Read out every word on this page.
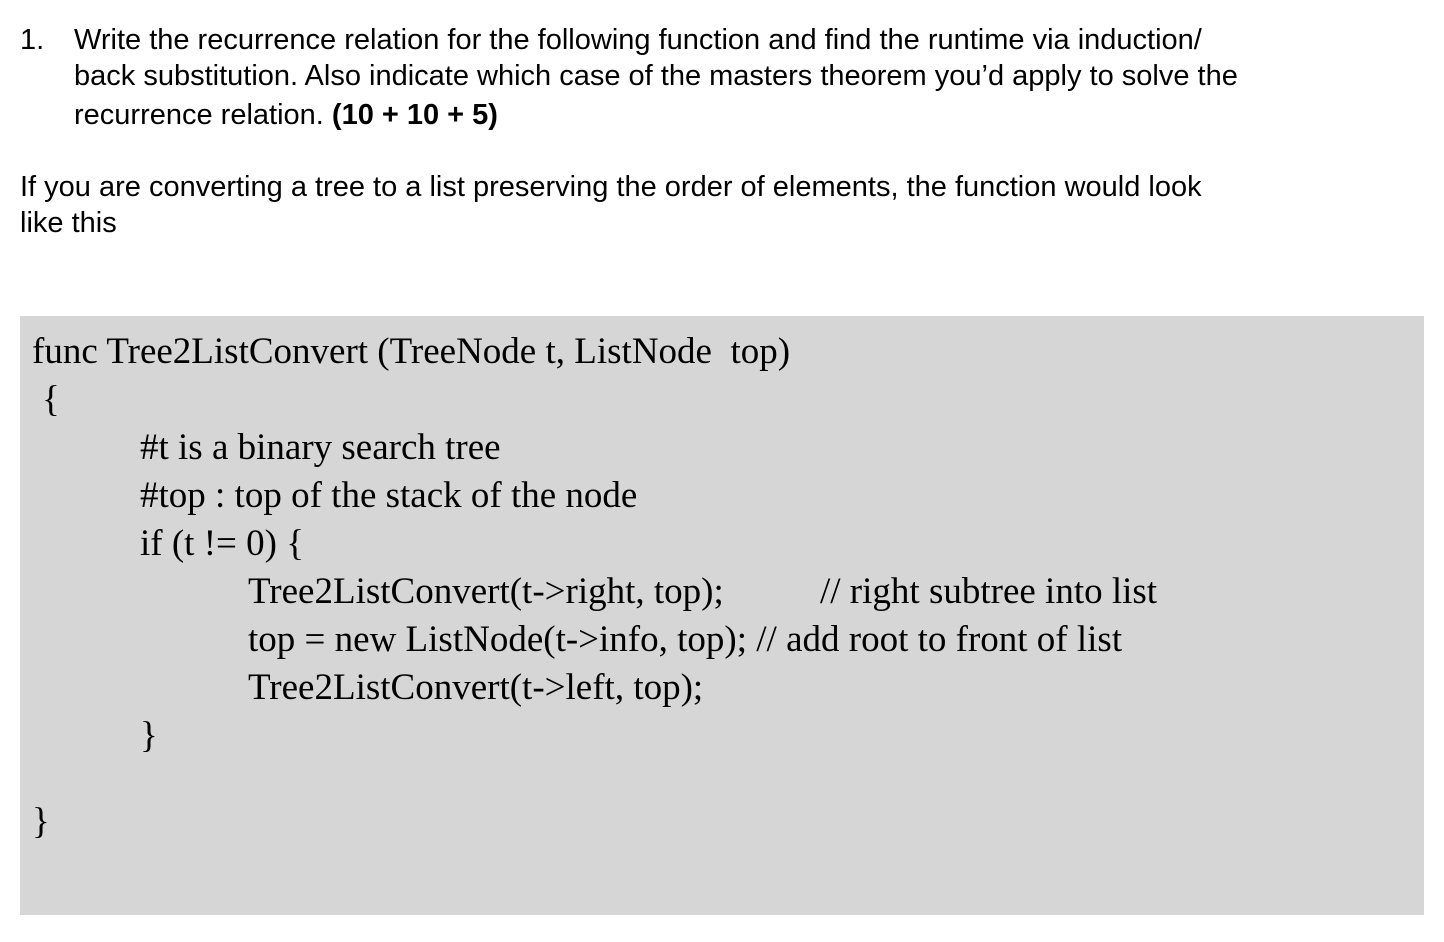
1. Write the recurrence relation for the following function and find the runtime via induction/
back substitution. Also indicate which case of the masters theorem you’d apply to solve the
recurrence relation. (10 + 10 + 5)
If you are converting a tree to a list preserving the order of elements, the function would look
like this
func Tree2ListConvert (TreeNode t, ListNode  top)
{
#t is a binary search tree
#top : top of the stack of the node
if (t != 0) {
Tree2ListConvert(t->right, top);	// right subtree into list
top = new ListNode(t->info, top); // add root to front of list
Tree2ListConvert(t->left, top);
}
}
